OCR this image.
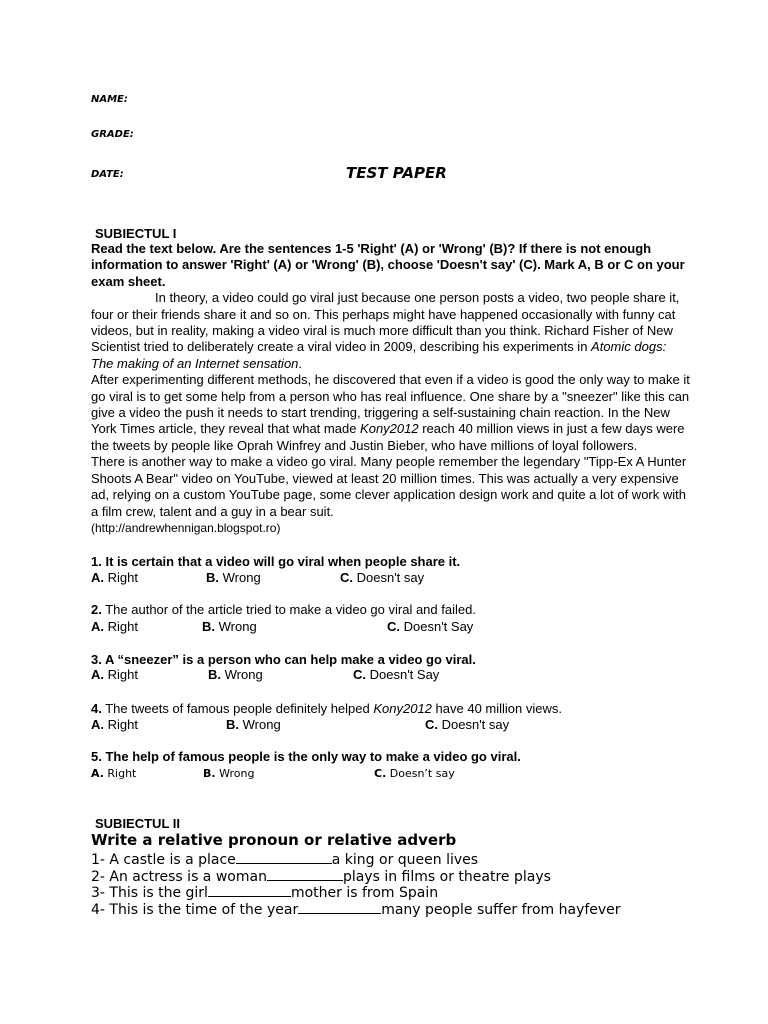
NAME:
GRADE:
DATE:	TEST PAPER
SUBIECTUL I
Read the text below. Are the sentences 1-5 'Right' (A) or 'Wrong' (B)? If there is not enough information to answer 'Right' (A) or 'Wrong' (B), choose 'Doesn't say' (C). Mark A, B or C on your exam sheet.
In theory, a video could go viral just because one person posts a video, two people share it, four or their friends share it and so on. This perhaps might have happened occasionally with funny cat videos, but in reality, making a video viral is much more difficult than you think. Richard Fisher of New Scientist tried to deliberately create a viral video in 2009, describing his experiments in Atomic dogs: The making of an Internet sensation.
After experimenting different methods, he discovered that even if a video is good the only way to make it go viral is to get some help from a person who has real influence. One share by a "sneezer" like this can give a video the push it needs to start trending, triggering a self-sustaining chain reaction. In the New York Times article, they reveal that what made Kony2012 reach 40 million views in just a few days were the tweets by people like Oprah Winfrey and Justin Bieber, who have millions of loyal followers.
There is another way to make a video go viral. Many people remember the legendary "Tipp-Ex A Hunter Shoots A Bear" video on YouTube, viewed at least 20 million times. This was actually a very expensive ad, relying on a custom YouTube page, some clever application design work and quite a lot of work with a film crew, talent and a guy in a bear suit.
(http://andrewhennigan.blogspot.ro)
1. It is certain that a video will go viral when people share it.
A. Right	B. Wrong	C. Doesn't say
2. The author of the article tried to make a video go viral and failed.
A. Right	B. Wrong	C. Doesn't Say
3. A “sneezer” is a person who can help make a video go viral.
A. Right	B. Wrong	C. Doesn't Say
4. The tweets of famous people definitely helped Kony2012 have 40 million views.
A. Right	B. Wrong	C. Doesn't say
5. The help of famous people is the only way to make a video go viral.
A. Right	B. Wrong	C. Doesn’t say
SUBIECTUL II
Write a relative pronoun or relative adverb
1- A castle is a place	a king or queen lives
2- An actress is a woman	plays in films or theatre plays
3- This is the girl	mother is from Spain
4- This is the time of the year	many people suffer from hayfever
